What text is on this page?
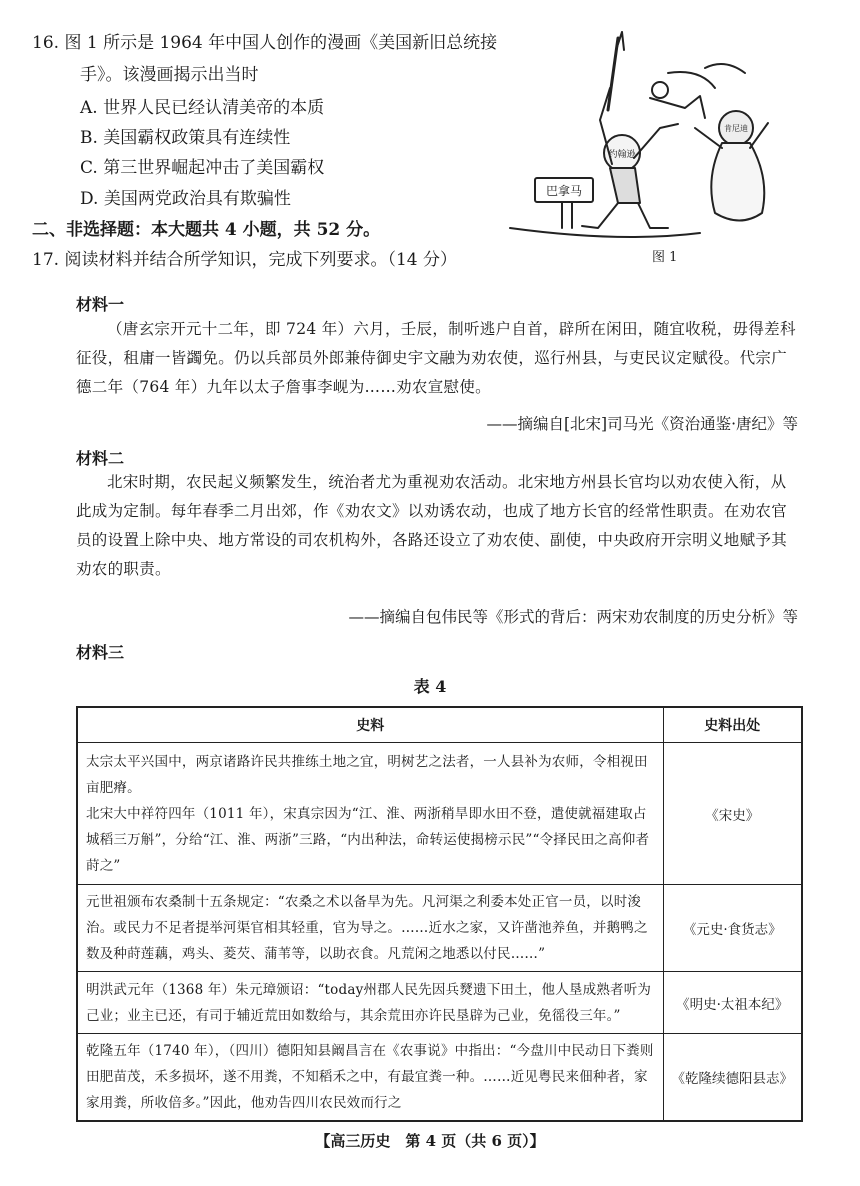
16. 图 1 所示是 1964 年中国人创作的漫画《美国新旧总统接
手》。该漫画揭示出当时
A. 世界人民已经认清美帝的本质
B. 美国霸权政策具有连续性
C. 第三世界崛起冲击了美国霸权
D. 美国两党政治具有欺骗性	巴拿马
约翰逊
肯尼迪
图 1
二、非选择题：本大题共 4 小题，共 52 分。
17. 阅读材料并结合所学知识，完成下列要求。（14 分）
材料一
（唐玄宗开元十二年，即 724 年）六月，壬辰，制听逃户自首，辟所在闲田，随宜收税，毋得差科征役，租庸一皆蠲免。仍以兵部员外郎兼侍御史宇文融为劝农使，巡行州县，与吏民议定赋役。代宗广德二年（764 年）九年以太子詹事李岘为……劝农宣慰使。
——摘编自[北宋]司马光《资治通鉴·唐纪》等
材料二
北宋时期，农民起义频繁发生，统治者尤为重视劝农活动。北宋地方州县长官均以劝农使入衔，从此成为定制。每年春季二月出郊，作《劝农文》以劝诱农动，也成了地方长官的经常性职责。在劝农官员的设置上除中央、地方常设的司农机构外，各路还设立了劝农使、副使，中央政府开宗明义地赋予其劝农的职责。
——摘编自包伟民等《形式的背后：两宋劝农制度的历史分析》等
材料三
表 4
史料	史料出处

太宗太平兴国中，两京诸路许民共推练土地之宜，明树艺之法者，一人县补为农师，令相视田亩肥瘠。
北宋大中祥符四年（1011 年），宋真宗因为“江、淮、两浙稍旱即水田不登，遣使就福建取占城稻三万斛”，分给“江、淮、两浙”三路，“内出种法，命转运使揭榜示民”“令择民田之高仰者莳之”	《宋史》

元世祖颁布农桑制十五条规定：“农桑之术以备旱为先。凡河渠之利委本处正官一员，以时浚治。或民力不足者提举河渠官相其轻重，官为导之。……近水之家，又许凿池养鱼，并鹅鸭之数及种莳莲藕，鸡头、菱芡、蒲苇等，以助衣食。凡荒闲之地悉以付民……”	《元史·食货志》

明洪武元年（1368 年）朱元璋颁诏：“today州郡人民先因兵燹遗下田土，他人垦成熟者听为己业；业主已还，有司于辅近荒田如数给与，其余荒田亦许民垦辟为己业，免徭役三年。”	《明史·太祖本纪》

乾隆五年（1740 年），（四川）德阳知县阚昌言在《农事说》中指出：“今盘川中民动日下粪则田肥苗茂，禾多损坏，遂不用粪，不知稻禾之中，有最宜粪一种。……近见粤民来佃种者，家家用粪，所收倍多。”因此，他劝告四川农民效而行之	《乾隆续德阳县志》
【高三历史　第 4 页（共 6 页）】
